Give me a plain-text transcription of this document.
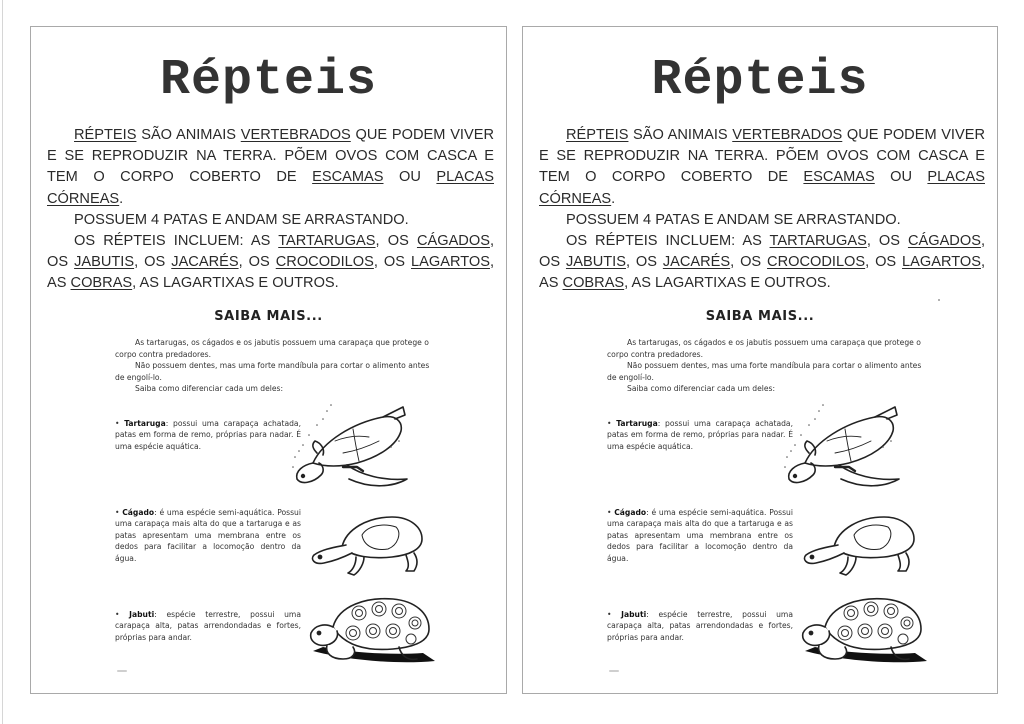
Répteis

RÉPTEIS SÃO ANIMAIS VERTEBRADOS QUE PODEM VIVER E SE REPRODUZIR NA TERRA. PÕEM OVOS COM CASCA E TEM O CORPO COBERTO DE ESCAMAS OU PLACAS CÓRNEAS.

POSSUEM 4 PATAS E ANDAM SE ARRASTANDO.

OS RÉPTEIS INCLUEM: AS TARTARUGAS, OS CÁGADOS, OS JABUTIS, OS JACARÉS, OS CROCODILOS, OS LAGARTOS, AS COBRAS, AS LAGARTIXAS E OUTROS.

SAIBA MAIS...

As tartarugas, os cágados e os jabutis possuem uma carapaça que protege o corpo contra predadores.

Não possuem dentes, mas uma forte mandíbula para cortar o alimento antes de engolí-lo.

Saiba como diferenciar cada um deles:

• Tartaruga: possui uma carapaça achatada, patas em forma de remo, próprias para nadar. É uma espécie aquática.
• Cágado: é uma espécie semi-aquática. Possui uma carapaça mais alta do que a tartaruga e as patas apresentam uma membrana entre os dedos para facilitar a locomoção dentro da água.
• Jabuti: espécie terrestre, possui uma carapaça alta, patas arrendondadas e fortes, próprias para andar.
Répteis

RÉPTEIS SÃO ANIMAIS VERTEBRADOS QUE PODEM VIVER E SE REPRODUZIR NA TERRA. PÕEM OVOS COM CASCA E TEM O CORPO COBERTO DE ESCAMAS OU PLACAS CÓRNEAS.

POSSUEM 4 PATAS E ANDAM SE ARRASTANDO.

OS RÉPTEIS INCLUEM: AS TARTARUGAS, OS CÁGADOS, OS JABUTIS, OS JACARÉS, OS CROCODILOS, OS LAGARTOS, AS COBRAS, AS LAGARTIXAS E OUTROS.

SAIBA MAIS...

As tartarugas, os cágados e os jabutis possuem uma carapaça que protege o corpo contra predadores.

Não possuem dentes, mas uma forte mandíbula para cortar o alimento antes de engolí-lo.

Saiba como diferenciar cada um deles:

• Tartaruga: possui uma carapaça achatada, patas em forma de remo, próprias para nadar. É uma espécie aquática.
• Cágado: é uma espécie semi-aquática. Possui uma carapaça mais alta do que a tartaruga e as patas apresentam uma membrana entre os dedos para facilitar a locomoção dentro da água.
• Jabuti: espécie terrestre, possui uma carapaça alta, patas arrendondadas e fortes, próprias para andar.
